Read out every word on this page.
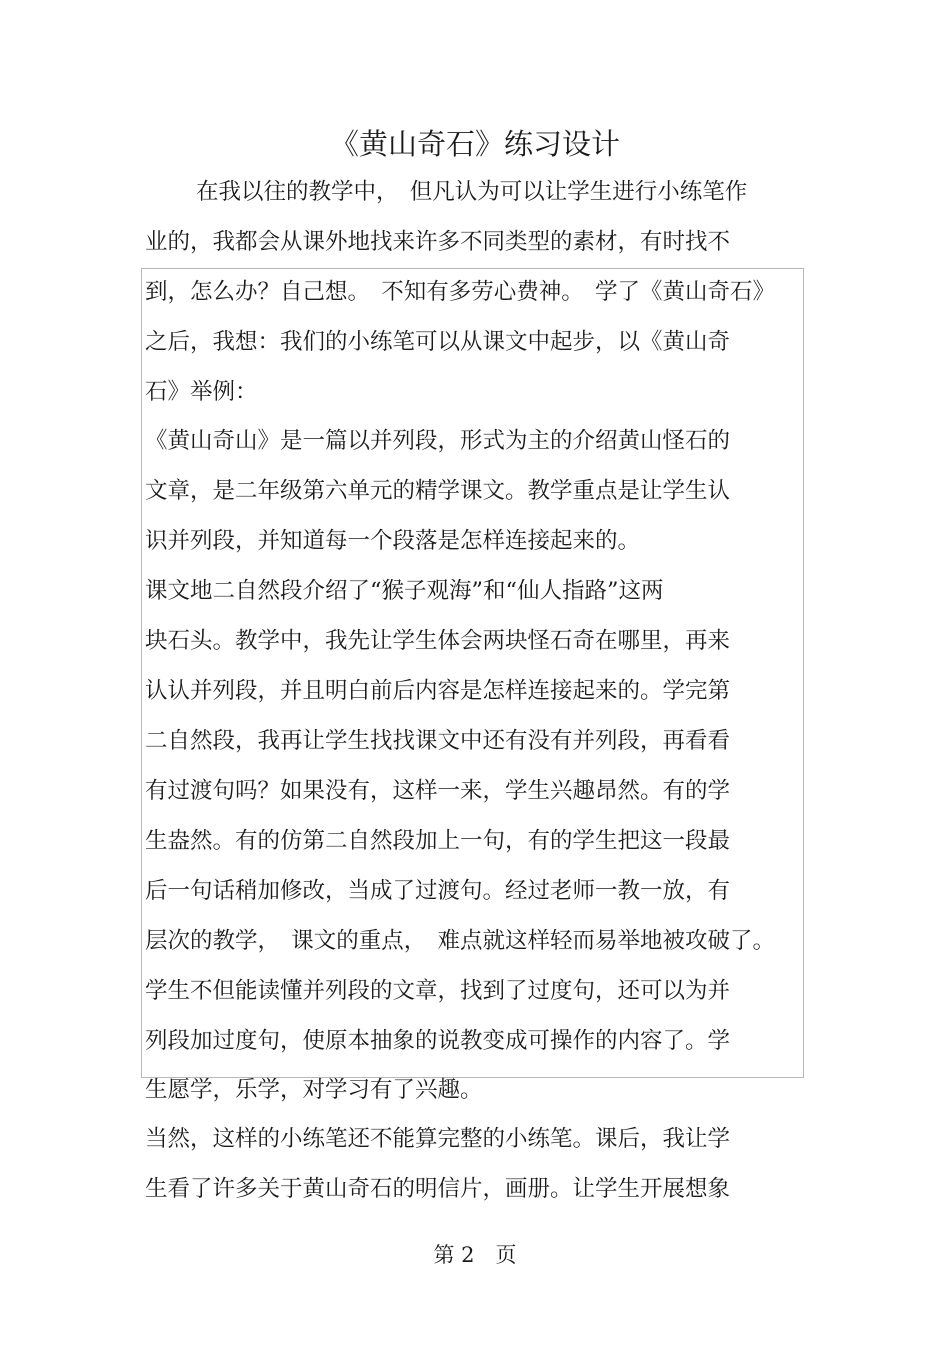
《黄山奇石》练习设计

在我以往的教学中，　但凡认为可以让学生进行小练笔作

业的，我都会从课外地找来许多不同类型的素材，有时找不

到，怎么办？自己想。　不知有多劳心费神。　学了《黄山奇石》

之后，我想：我们的小练笔可以从课文中起步，以《黄山奇

石》举例：

《黄山奇山》是一篇以并列段，形式为主的介绍黄山怪石的

文章，是二年级第六单元的精学课文。教学重点是让学生认

识并列段，并知道每一个段落是怎样连接起来的。

课文地二自然段介绍了“猴子观海”和“仙人指路”这两

块石头。教学中，我先让学生体会两块怪石奇在哪里，再来

认认并列段，并且明白前后内容是怎样连接起来的。学完第

二自然段，我再让学生找找课文中还有没有并列段，再看看

有过渡句吗？如果没有，这样一来，学生兴趣昂然。有的学

生盎然。有的仿第二自然段加上一句，有的学生把这一段最

后一句话稍加修改，当成了过渡句。经过老师一教一放，有

层次的教学，　课文的重点，　难点就这样轻而易举地被攻破了。

学生不但能读懂并列段的文章，找到了过度句，还可以为并

列段加过度句，使原本抽象的说教变成可操作的内容了。学

生愿学，乐学，对学习有了兴趣。

当然，这样的小练笔还不能算完整的小练笔。课后，我让学

生看了许多关于黄山奇石的明信片，画册。让学生开展想象

第 2　页
